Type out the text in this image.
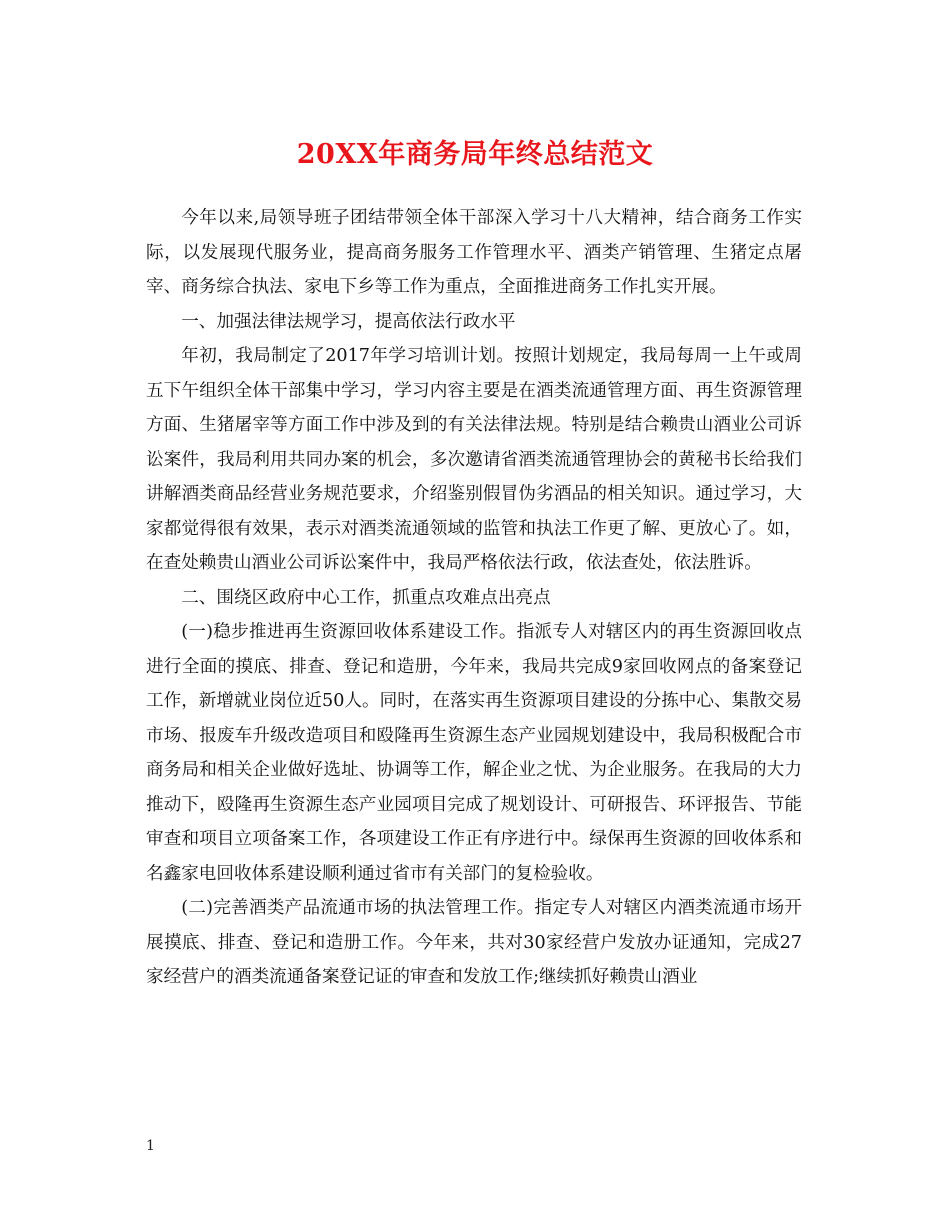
20XX年商务局年终总结范文

今年以来,局领导班子团结带领全体干部深入学习十八大精神，结合商务工作实际，以发展现代服务业，提高商务服务工作管理水平、酒类产销管理、生猪定点屠宰、商务综合执法、家电下乡等工作为重点，全面推进商务工作扎实开展。

一、加强法律法规学习，提高依法行政水平

年初，我局制定了2017年学习培训计划。按照计划规定，我局每周一上午或周五下午组织全体干部集中学习，学习内容主要是在酒类流通管理方面、再生资源管理方面、生猪屠宰等方面工作中涉及到的有关法律法规。特别是结合赖贵山酒业公司诉讼案件，我局利用共同办案的机会，多次邀请省酒类流通管理协会的黄秘书长给我们讲解酒类商品经营业务规范要求，介绍鉴别假冒伪劣酒品的相关知识。通过学习，大家都觉得很有效果，表示对酒类流通领域的监管和执法工作更了解、更放心了。如，在查处赖贵山酒业公司诉讼案件中，我局严格依法行政，依法查处，依法胜诉。

二、围绕区政府中心工作，抓重点攻难点出亮点

(一)稳步推进再生资源回收体系建设工作。指派专人对辖区内的再生资源回收点进行全面的摸底、排查、登记和造册，今年来，我局共完成9家回收网点的备案登记工作，新增就业岗位近50人。同时，在落实再生资源项目建设的分拣中心、集散交易市场、报废车升级改造项目和殴隆再生资源生态产业园规划建设中，我局积极配合市商务局和相关企业做好选址、协调等工作，解企业之忧、为企业服务。在我局的大力推动下，殴隆再生资源生态产业园项目完成了规划设计、可研报告、环评报告、节能审查和项目立项备案工作，各项建设工作正有序进行中。绿保再生资源的回收体系和名鑫家电回收体系建设顺利通过省市有关部门的复检验收。

(二)完善酒类产品流通市场的执法管理工作。指定专人对辖区内酒类流通市场开展摸底、排查、登记和造册工作。今年来，共对30家经营户发放办证通知，完成27家经营户的酒类流通备案登记证的审查和发放工作;继续抓好赖贵山酒业

1
